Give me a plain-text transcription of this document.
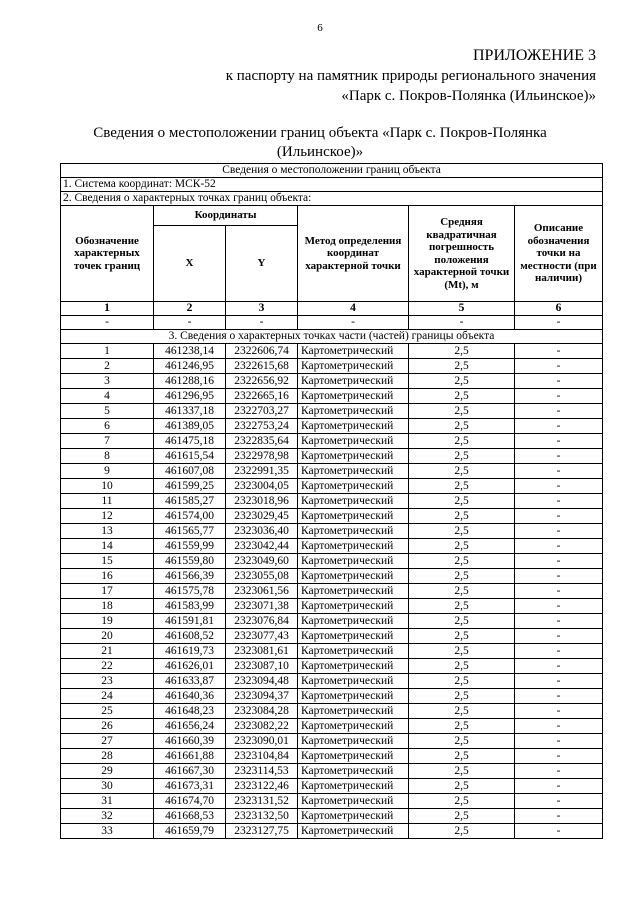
6
ПРИЛОЖЕНИЕ 3
к паспорту на памятник природы регионального значения
«Парк с. Покров-Полянка (Ильинское)»
Сведения о местоположении границ объекта «Парк с. Покров-Полянка
(Ильинское)»
Сведения о местоположении границ объекта					
1. Система координат: МСК-52					
2. Сведения о характерных точках границ объекта:					
Обозначение характерных точек границ	Координаты		Метод определения координат характерной точки	Средняя квадратичная погрешность положения характерной точки (Mt), м	Описание обозначения точки на местности (при наличии)
	X	Y			
1	2	3	4	5	6
-	-	-	-	-	-
3. Сведения о характерных точках части (частей) границы объекта					
1	461238,14	2322606,74	Картометрический	2,5	-
2	461246,95	2322615,68	Картометрический	2,5	-
3	461288,16	2322656,92	Картометрический	2,5	-
4	461296,95	2322665,16	Картометрический	2,5	-
5	461337,18	2322703,27	Картометрический	2,5	-
6	461389,05	2322753,24	Картометрический	2,5	-
7	461475,18	2322835,64	Картометрический	2,5	-
8	461615,54	2322978,98	Картометрический	2,5	-
9	461607,08	2322991,35	Картометрический	2,5	-
10	461599,25	2323004,05	Картометрический	2,5	-
11	461585,27	2323018,96	Картометрический	2,5	-
12	461574,00	2323029,45	Картометрический	2,5	-
13	461565,77	2323036,40	Картометрический	2,5	-
14	461559,99	2323042,44	Картометрический	2,5	-
15	461559,80	2323049,60	Картометрический	2,5	-
16	461566,39	2323055,08	Картометрический	2,5	-
17	461575,78	2323061,56	Картометрический	2,5	-
18	461583,99	2323071,38	Картометрический	2,5	-
19	461591,81	2323076,84	Картометрический	2,5	-
20	461608,52	2323077,43	Картометрический	2,5	-
21	461619,73	2323081,61	Картометрический	2,5	-
22	461626,01	2323087,10	Картометрический	2,5	-
23	461633,87	2323094,48	Картометрический	2,5	-
24	461640,36	2323094,37	Картометрический	2,5	-
25	461648,23	2323084,28	Картометрический	2,5	-
26	461656,24	2323082,22	Картометрический	2,5	-
27	461660,39	2323090,01	Картометрический	2,5	-
28	461661,88	2323104,84	Картометрический	2,5	-
29	461667,30	2323114,53	Картометрический	2,5	-
30	461673,31	2323122,46	Картометрический	2,5	-
31	461674,70	2323131,52	Картометрический	2,5	-
32	461668,53	2323132,50	Картометрический	2,5	-
33	461659,79	2323127,75	Картометрический	2,5	-
